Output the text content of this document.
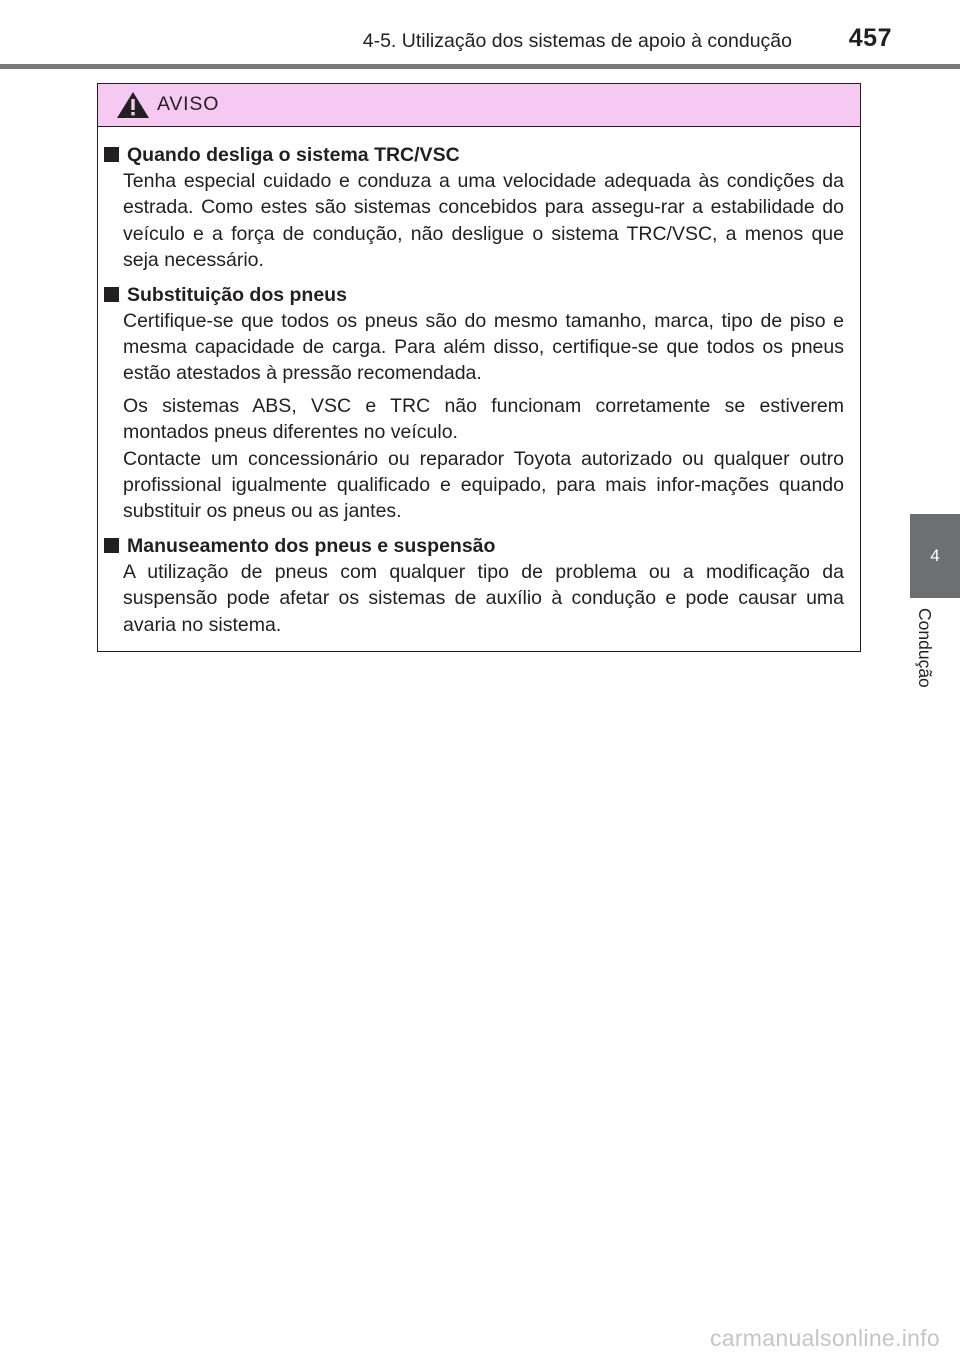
4-5. Utilização dos sistemas de apoio à condução	457
4
Condução
AVISO
Quando desliga o sistema TRC/VSC

Tenha especial cuidado e conduza a uma velocidade adequada às condições da estrada. Como estes são sistemas concebidos para assegu-rar a estabilidade do veículo e a força de condução, não desligue o sistema TRC/VSC, a menos que seja necessário.

Substituição dos pneus

Certifique-se que todos os pneus são do mesmo tamanho, marca, tipo de piso e mesma capacidade de carga. Para além disso, certifique-se que todos os pneus estão atestados à pressão recomendada.

Os sistemas ABS, VSC e TRC não funcionam corretamente se estiverem montados pneus diferentes no veículo.

Contacte um concessionário ou reparador Toyota autorizado ou qualquer outro profissional igualmente qualificado e equipado, para mais infor-mações quando substituir os pneus ou as jantes.

Manuseamento dos pneus e suspensão

A utilização de pneus com qualquer tipo de problema ou a modificação da suspensão pode afetar os sistemas de auxílio à condução e pode causar uma avaria no sistema.

carmanualsonline.info
